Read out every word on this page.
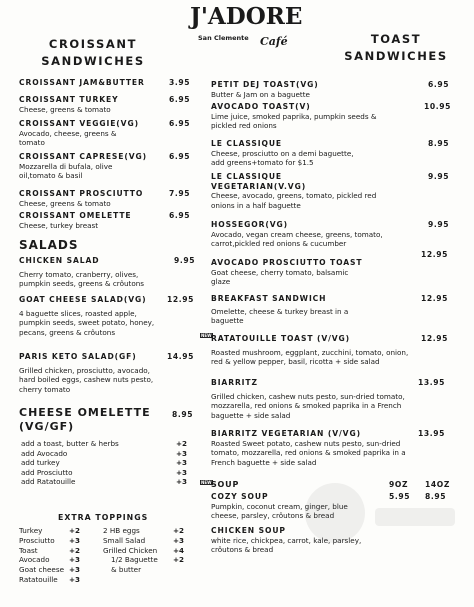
J'ADORE
San Clemente Café
CROISSANT
SANDWICHES
TOAST
SANDWICHES
CROISSANT JAM&BUTTER	3.95
CROISSANT TURKEY	6.95
Cheese, greens & tomato
CROISSANT VEGGIE(VG)	6.95
Avocado, cheese, greens &
tomato
CROISSANT CAPRESE(VG)	6.95
Mozzarella di bufala, olive
oil,tomato & basil
CROISSANT PROSCIUTTO	7.95
Cheese, greens & tomato
CROISSANT OMELETTE	6.95
Cheese, turkey breast
SALADS
CHICKEN SALAD	9.95
Cherry tomato, cranberry, olives,
pumpkin seeds, greens & crôutons
GOAT CHEESE SALAD(VG)	12.95
4 baguette slices, roasted apple,
pumpkin seeds, sweet potato, honey,
pecans, greens & crôutons
PARIS KETO SALAD(GF)	14.95
Grilled chicken, prosciutto, avocado,
hard boiled eggs, cashew nuts pesto,
cherry tomato
CHEESE OMELETTE
(VG/GF)
8.95
add a toast, butter & herbs	+2
add Avocado	+3
add turkey	+3
add Prosciutto	+3
add Ratatouille	+3
EXTRA TOPPINGS
Turkey	+2
Prosciutto +3
Toast	+2
Avocado	+3
Goat cheese +3
Ratatouille +3
2 HB eggs	+2
Small Salad	+3
Grilled Chicken +4
1/2 Baguette +2
& butter
PETIT DEJ TOAST(VG)	6.95
Butter & Jam on a baguette
AVOCADO TOAST(V)	10.95
Lime juice, smoked paprika, pumpkin seeds &
pickled red onions
LE CLASSIQUE	8.95
Cheese, prosciutto on a demi baguette,
add greens+tomato for $1.5
LE CLASSIQUE
VEGETARIAN(V.VG)
9.95
Cheese, avocado, greens, tomato, pickled red
onions in a half baguette
HOSSEGOR(VG)	9.95
Avocado, vegan cream cheese, greens, tomato,
carrot,pickled red onions & cucumber
AVOCADO PROSCIUTTO TOAST
12.95
Goat cheese, cherry tomato, balsamic
glaze
BREAKFAST SANDWICH	12.95
Omelette, cheese & turkey breast in a
baguette
NEW RATATOUILLE TOAST (V/VG)	12.95
Roasted mushroom, eggplant, zucchini, tomato, onion,
red & yellow pepper, basil, ricotta + side salad
BIARRITZ	13.95
Grilled chicken, cashew nuts pesto, sun-dried tomato,
mozzarella, red onions & smoked paprika in a French
baguette + side salad
BIARRITZ VEGETARIAN (V/VG)	13.95
Roasted Sweet potato, cashew nuts pesto, sun-dried
tomato, mozzarella, red onions & smoked paprika in a
French baguette + side salad
NEW SOUP	9OZ 14OZ
COZY SOUP	5.95 8.95
Pumpkin, coconut cream, ginger, blue
cheese, parsley, crôutons & bread
CHICKEN SOUP
white rice, chickpea, carrot, kale, parsley,
crôutons & bread
